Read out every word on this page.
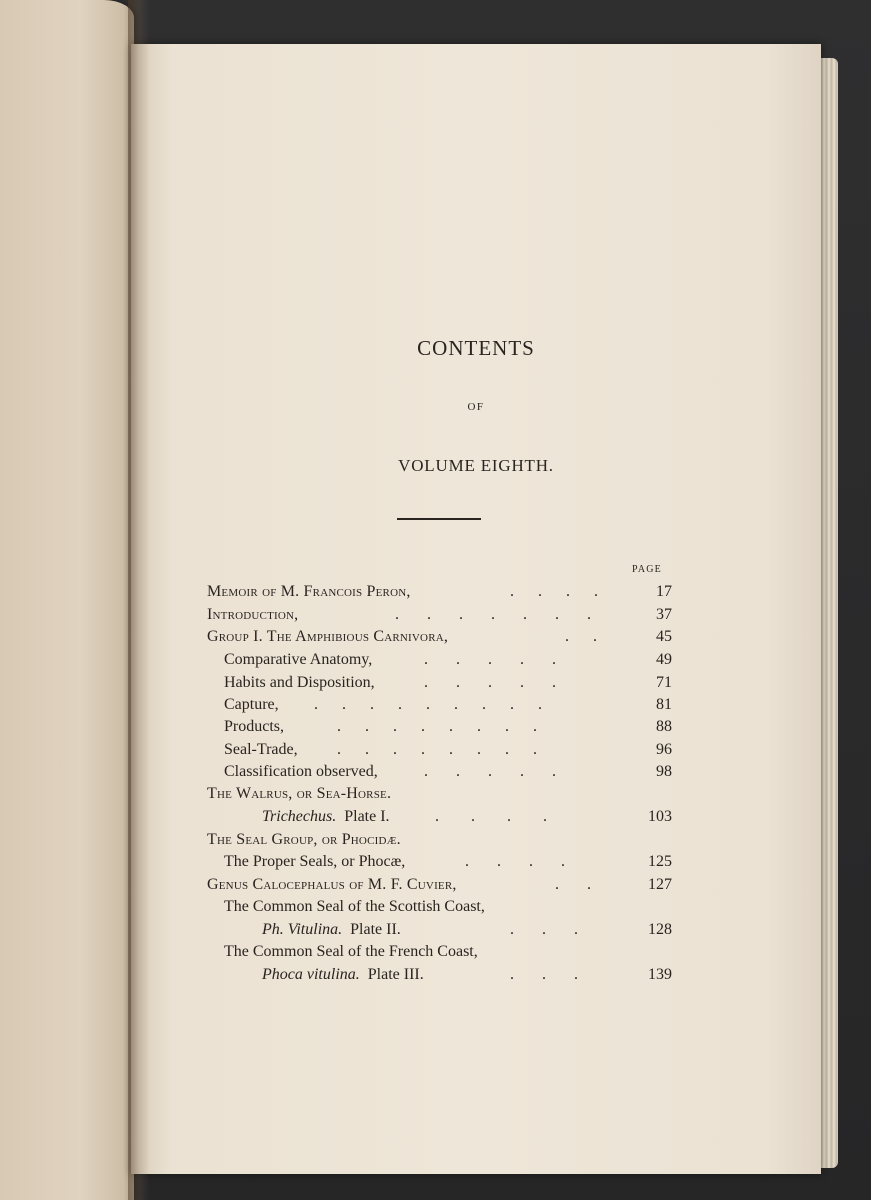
CONTENTS
OF
VOLUME EIGHTH.
PAGE
Memoir of M. Francois Peron,	.      .      .      .	17
Introduction,	.       .       .       .       .       .       .	37
Group I. The Amphibious Carnivora,	.      .	45
Comparative Anatomy,	.       .       .       .       .	49
Habits and Disposition,	.       .       .       .       .	71
Capture, .      .      .      .      .      .      .      .      .	81
Products,	.      .      .      .      .      .      .      .	88
Seal-Trade, .      .      .      .      .      .      .      .	96
Classification observed,	.       .       .       .       .	98
The Walrus, or Sea-Horse.
Trichechus. Plate I.	.        .        .        .	103
The Seal Group, or Phocidæ.
The Proper Seals, or Phocæ,	.       .       .       .	125
Genus Calocephalus of M. F. Cuvier,	.       .	127
The Common Seal of the Scottish Coast,
Ph. Vitulina. Plate II.	.       .       .	128
The Common Seal of the French Coast,
Phoca vitulina. Plate III.	.       .       .	139
